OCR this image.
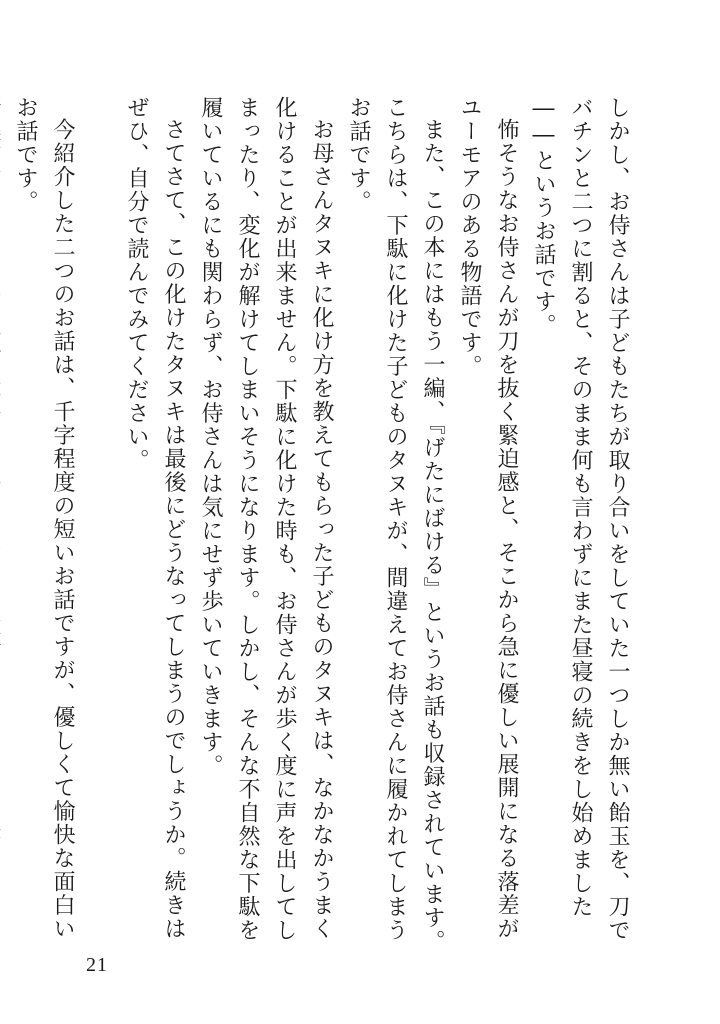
しかし、お侍さんは子どもたちが取り合いをしていた一つしか無い飴玉を、刀でバチンと二つに割ると、そのまま何も言わずにまた昼寝の続きをし始めました――というお話です。

怖そうなお侍さんが刀を抜く緊迫感と、そこから急に優しい展開になる落差がユーモアのある物語です。

また、この本にはもう一編、『げたにばける』というお話も収録されています。こちらは、下駄に化けた子どものタヌキが、間違えてお侍さんに履かれてしまうお話です。

お母さんタヌキに化け方を教えてもらった子どものタヌキは、なかなかうまく化けることが出来ません。下駄に化けた時も、お侍さんが歩く度に声を出してしまったり、変化が解けてしまいそうになります。しかし、そんな不自然な下駄を履いているにも関わらず、お侍さんは気にせず歩いていきます。

さてさて、この化けたタヌキは最後にどうなってしまうのでしょうか。続きはぜひ、自分で読んでみてください。

今紹介した二つのお話は、千字程度の短いお話ですが、優しくて愉快な面白いお話です。

21
